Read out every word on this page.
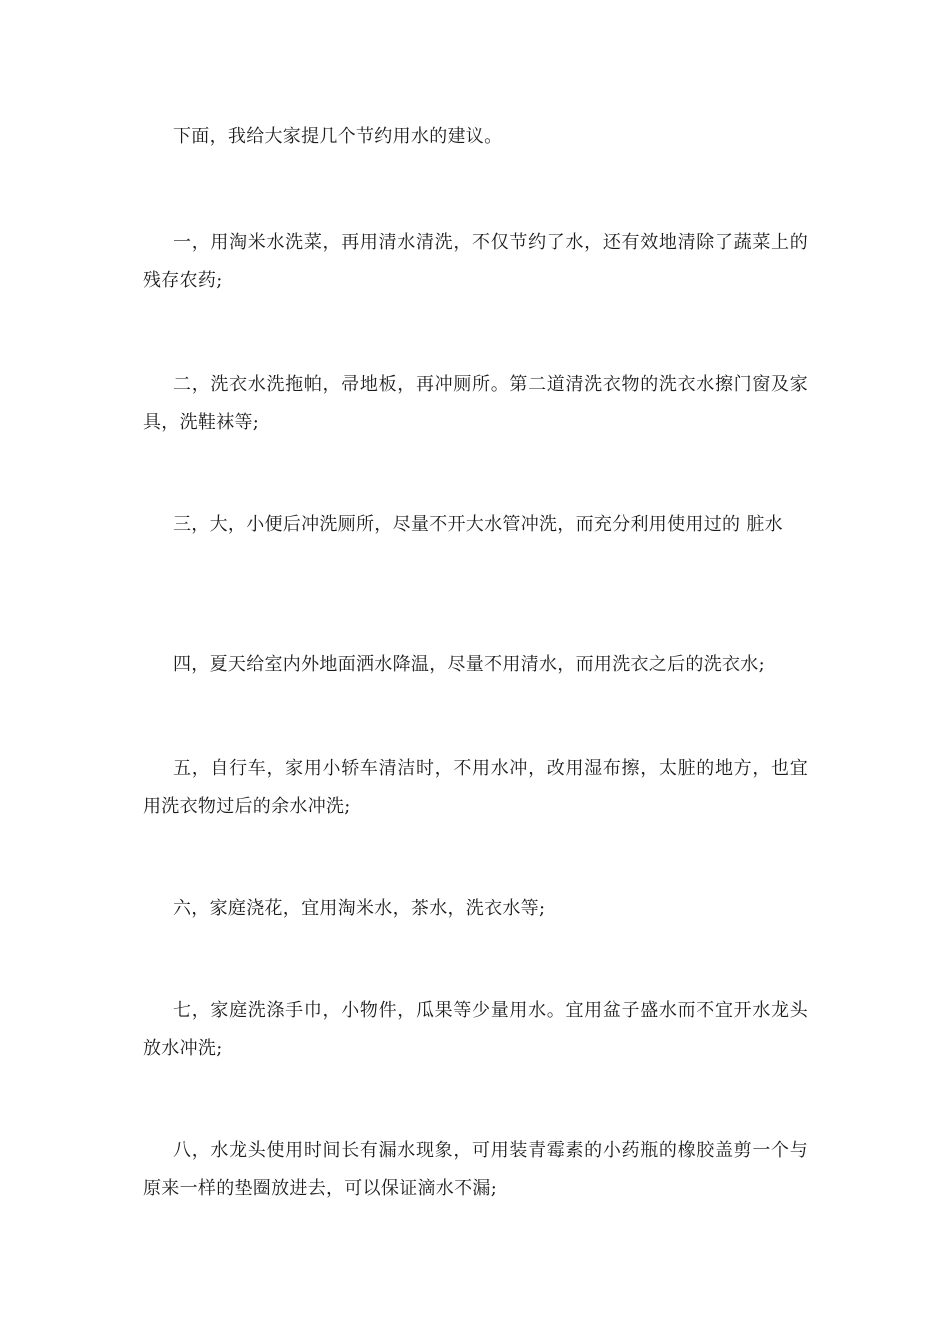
下面，我给大家提几个节约用水的建议。

一，用淘米水洗菜，再用清水清洗，不仅节约了水，还有效地清除了蔬菜上的残存农药;

二，洗衣水洗拖帕，帚地板，再冲厕所。第二道清洗衣物的洗衣水擦门窗及家具，洗鞋袜等;

三，大，小便后冲洗厕所，尽量不开大水管冲洗，而充分利用使用过的 脏水

四，夏天给室内外地面洒水降温，尽量不用清水，而用洗衣之后的洗衣水;

五，自行车，家用小轿车清洁时，不用水冲，改用湿布擦，太脏的地方，也宜用洗衣物过后的余水冲洗;

六，家庭浇花，宜用淘米水，茶水，洗衣水等;

七，家庭洗涤手巾，小物件，瓜果等少量用水。宜用盆子盛水而不宜开水龙头放水冲洗;

八，水龙头使用时间长有漏水现象，可用装青霉素的小药瓶的橡胶盖剪一个与原来一样的垫圈放进去，可以保证滴水不漏;
